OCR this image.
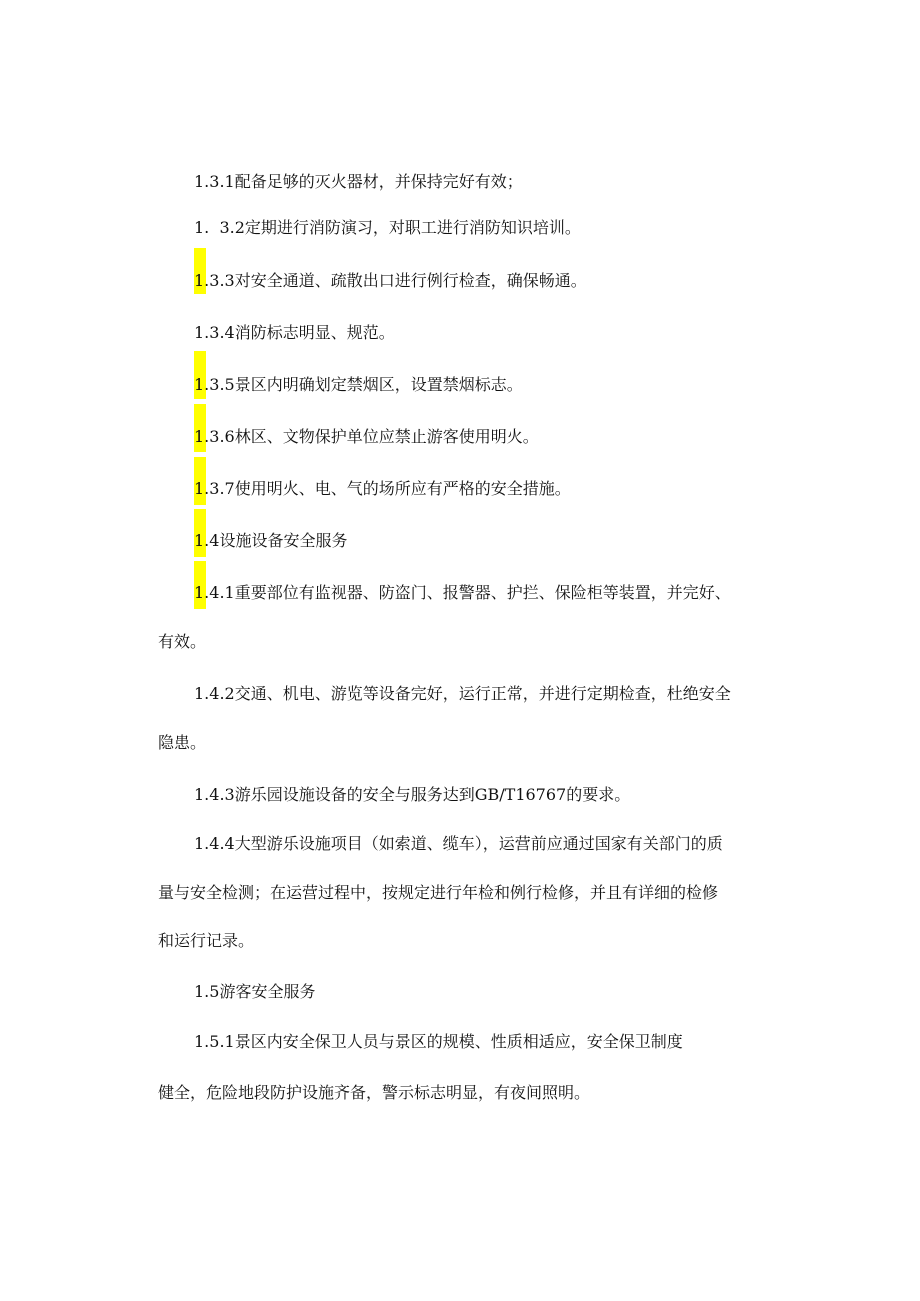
1.3.1配备足够的灭火器材，并保持完好有效；
1.  3.2定期进行消防演习，对职工进行消防知识培训。
1.3.3对安全通道、疏散出口进行例行检查，确保畅通。
1.3.4消防标志明显、规范。
1.3.5景区内明确划定禁烟区，设置禁烟标志。
1.3.6林区、文物保护单位应禁止游客使用明火。
1.3.7使用明火、电、气的场所应有严格的安全措施。
1.4设施设备安全服务
1.4.1重要部位有监视器、防盗门、报警器、护拦、保险柜等装置，并完好、
有效。
1.4.2交通、机电、游览等设备完好，运行正常，并进行定期检查，杜绝安全
隐患。
1.4.3游乐园设施设备的安全与服务达到GB/T16767的要求。
1.4.4大型游乐设施项目（如索道、缆车），运营前应通过国家有关部门的质
量与安全检测；在运营过程中，按规定进行年检和例行检修，并且有详细的检修
和运行记录。
1.5游客安全服务
1.5.1景区内安全保卫人员与景区的规模、性质相适应，安全保卫制度
健全，危险地段防护设施齐备，警示标志明显，有夜间照明。
